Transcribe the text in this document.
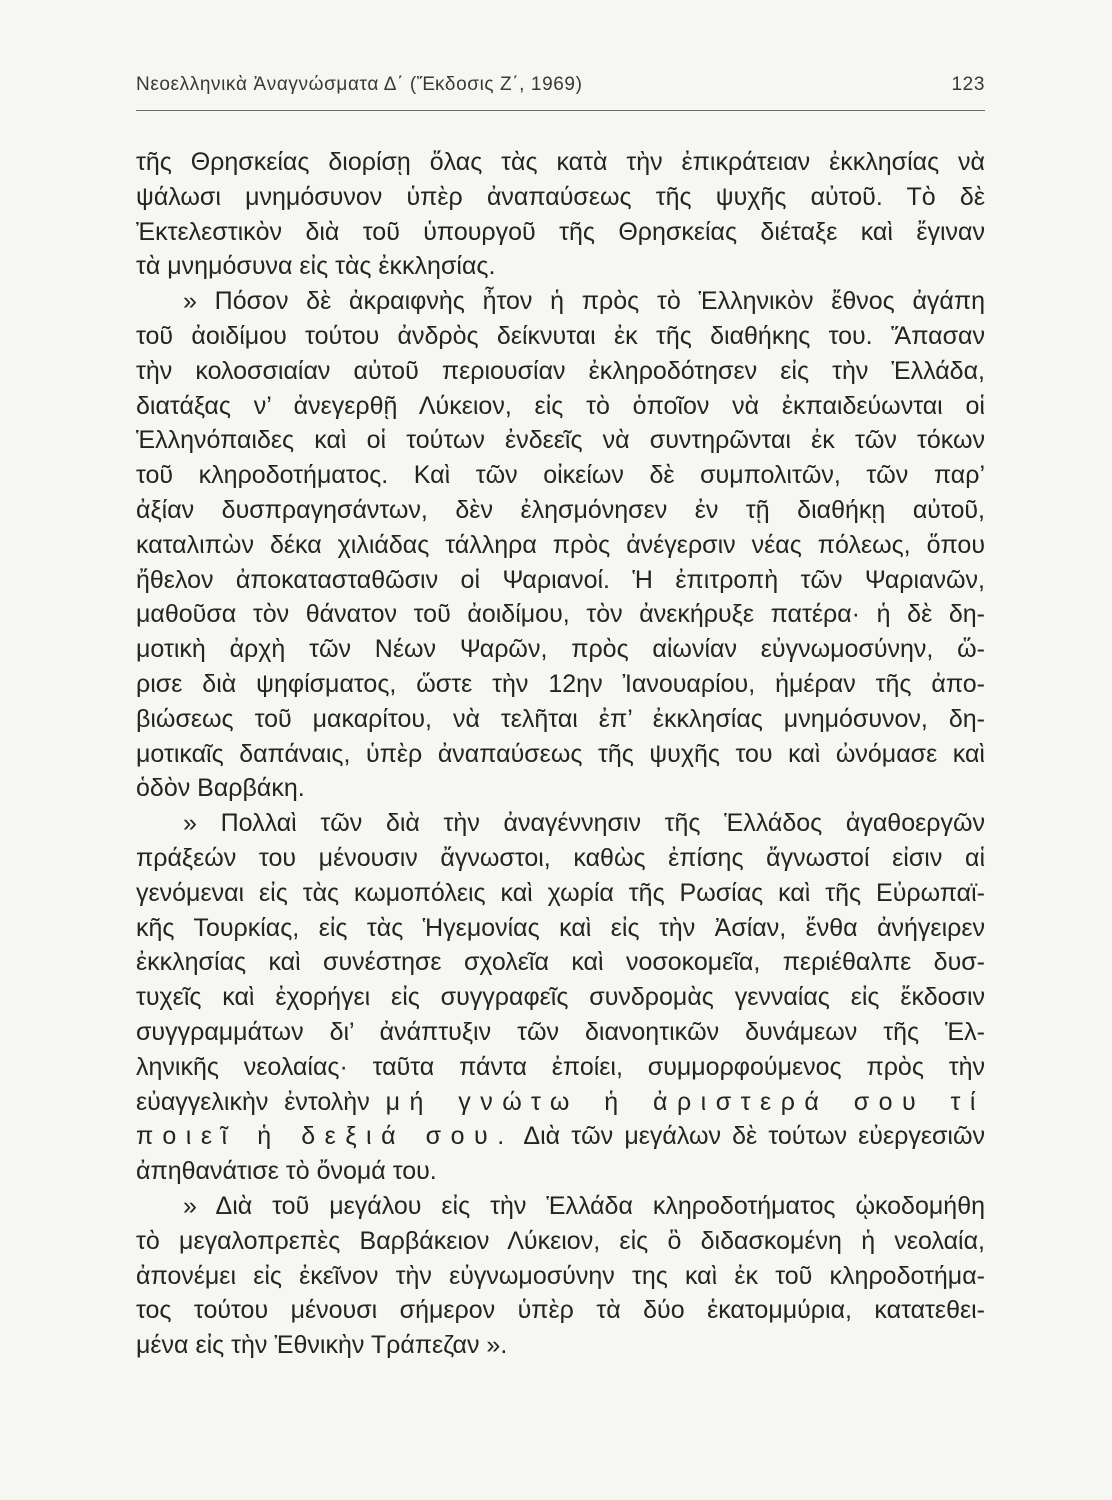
Νεοελληνικὰ Ἀναγνώσματα Δ΄ (Ἔκδοσις Ζ΄, 1969)	123
τῆς Θρησκείας διορίσῃ ὅλας τὰς κατὰ τὴν ἐπικράτειαν ἐκκλησίας νὰ
ψάλωσι μνημόσυνον ὑπὲρ ἀναπαύσεως τῆς ψυχῆς αὐτοῦ. Τὸ δὲ
Ἐκτελεστικὸν διὰ τοῦ ὑπουργοῦ τῆς Θρησκείας διέταξε καὶ ἔγιναν
τὰ μνημόσυνα εἰς τὰς ἐκκλησίας.
» Πόσον δὲ ἀκραιφνὴς ἦτον ἡ πρὸς τὸ Ἑλληνικὸν ἔθνος ἀγάπη
τοῦ ἀοιδίμου τούτου ἀνδρὸς δείκνυται ἐκ τῆς διαθήκης του. Ἅπασαν
τὴν κολοσσιαίαν αὐτοῦ περιουσίαν ἐκληροδότησεν εἰς τὴν Ἑλλάδα,
διατάξας ν’ ἀνεγερθῇ Λύκειον, εἰς τὸ ὁποῖον νὰ ἐκπαιδεύωνται οἱ
Ἑλληνόπαιδες καὶ οἱ τούτων ἐνδεεῖς νὰ συντηρῶνται ἐκ τῶν τόκων
τοῦ κληροδοτήματος. Καὶ τῶν οἰκείων δὲ συμπολιτῶν, τῶν παρ’
ἀξίαν δυσπραγησάντων, δὲν ἐλησμόνησεν ἐν τῇ διαθήκῃ αὐτοῦ,
καταλιπὼν δέκα χιλιάδας τάλληρα πρὸς ἀνέγερσιν νέας πόλεως, ὅπου
ἤθελον ἀποκατασταθῶσιν οἱ Ψαριανοί. Ἡ ἐπιτροπὴ τῶν Ψαριανῶν,
μαθοῦσα τὸν θάνατον τοῦ ἀοιδίμου, τὸν ἀνεκήρυξε πατέρα· ἡ δὲ δη-
μοτικὴ ἀρχὴ τῶν Νέων Ψαρῶν, πρὸς αἰωνίαν εὐγνωμοσύνην, ὥ-
ρισε διὰ ψηφίσματος, ὥστε τὴν 12ην Ἰανουαρίου, ἡμέραν τῆς ἀπο-
βιώσεως τοῦ μακαρίτου, νὰ τελῆται ἐπ’ ἐκκλησίας μνημόσυνον, δη-
μοτικαῖς δαπάναις, ὑπὲρ ἀναπαύσεως τῆς ψυχῆς του καὶ ὠνόμασε καὶ
ὁδὸν Βαρβάκη.
» Πολλαὶ τῶν διὰ τὴν ἀναγέννησιν τῆς Ἑλλάδος ἀγαθοεργῶν
πράξεών του μένουσιν ἄγνωστοι, καθὼς ἐπίσης ἄγνωστοί εἰσιν αἱ
γενόμεναι εἰς τὰς κωμοπόλεις καὶ χωρία τῆς Ρωσίας καὶ τῆς Εὐρωπαϊ-
κῆς Τουρκίας, εἰς τὰς Ἡγεμονίας καὶ εἰς τὴν Ἀσίαν, ἔνθα ἀνήγειρεν
ἐκκλησίας καὶ συνέστησε σχολεῖα καὶ νοσοκομεῖα, περιέθαλπε δυσ-
τυχεῖς καὶ ἐχορήγει εἰς συγγραφεῖς συνδρομὰς γενναίας εἰς ἔκδοσιν
συγγραμμάτων δι’ ἀνάπτυξιν τῶν διανοητικῶν δυνάμεων τῆς Ἑλ-
ληνικῆς νεολαίας· ταῦτα πάντα ἐποίει, συμμορφούμενος πρὸς τὴν
εὐαγγελικὴν ἐντολὴν μή γνώτω ἡ ἀριστερά σου τί
ποιεῖ ἡ δεξιά σου. Διὰ τῶν μεγάλων δὲ τούτων εὐεργεσιῶν
ἀπηθανάτισε τὸ ὄνομά του.
» Διὰ τοῦ μεγάλου εἰς τὴν Ἑλλάδα κληροδοτήματος ᾠκοδομήθη
τὸ μεγαλοπρεπὲς Βαρβάκειον Λύκειον, εἰς ὃ διδασκομένη ἡ νεολαία,
ἀπονέμει εἰς ἐκεῖνον τὴν εὐγνωμοσύνην της καὶ ἐκ τοῦ κληροδοτήμα-
τος τούτου μένουσι σήμερον ὑπὲρ τὰ δύο ἑκατομμύρια, κατατεθει-
μένα εἰς τὴν Ἐθνικὴν Τράπεζαν ».
